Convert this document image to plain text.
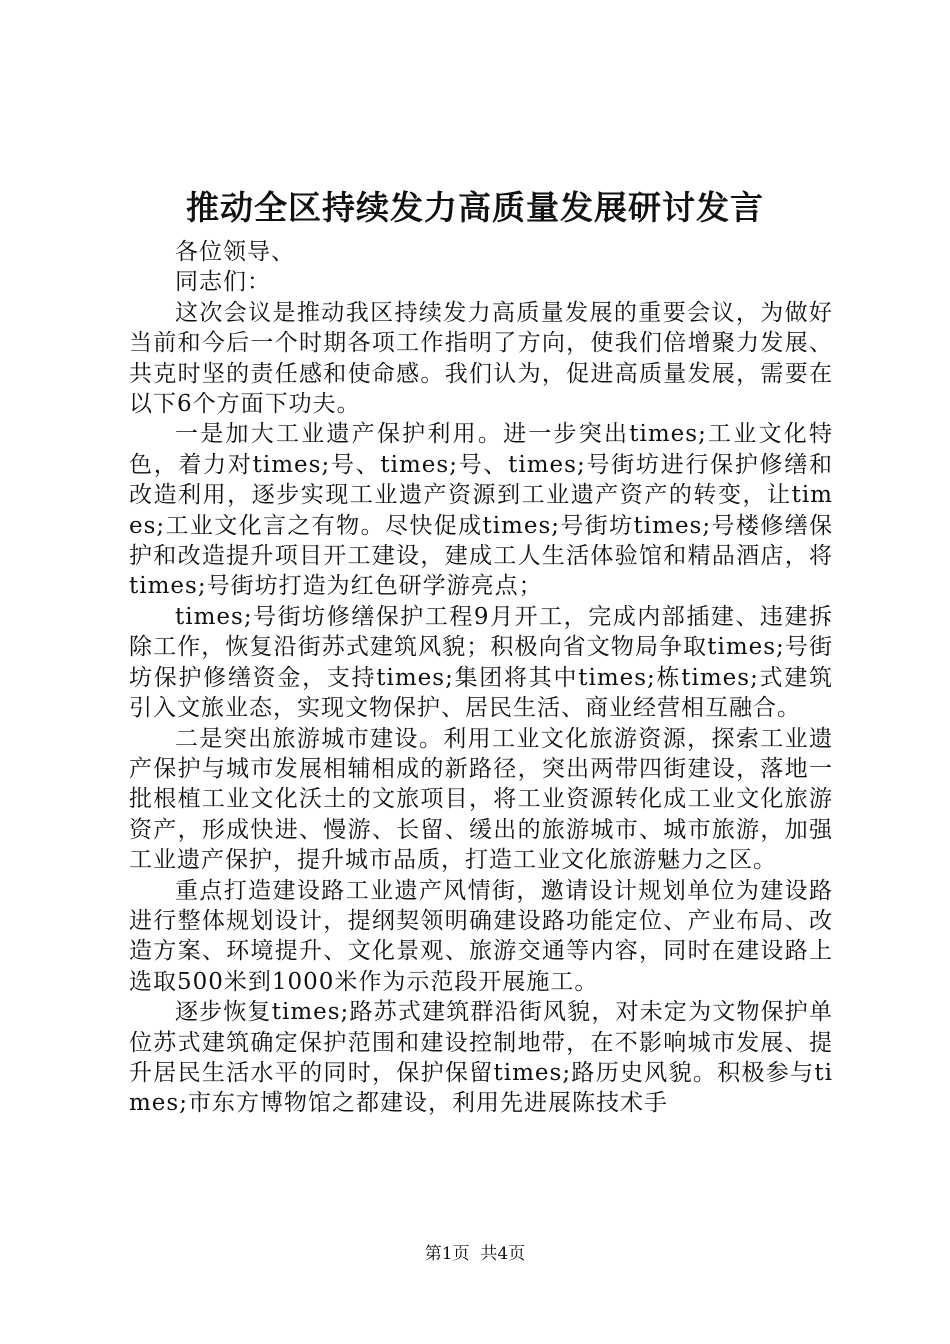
推动全区持续发力高质量发展研讨发言

各位领导、

同志们：

这次会议是推动我区持续发力高质量发展的重要会议，为做好当前和今后一个时期各项工作指明了方向，使我们倍增聚力发展、共克时坚的责任感和使命感。我们认为，促进高质量发展，需要在以下6个方面下功夫。

一是加大工业遗产保护利用。进一步突出times;工业文化特色，着力对times;号、times;号、times;号街坊进行保护修缮和改造利用，逐步实现工业遗产资源到工业遗产资产的转变，让times;工业文化言之有物。尽快促成times;号街坊times;号楼修缮保护和改造提升项目开工建设，建成工人生活体验馆和精品酒店，将times;号街坊打造为红色研学游亮点；

times;号街坊修缮保护工程9月开工，完成内部插建、违建拆除工作，恢复沿街苏式建筑风貌；积极向省文物局争取times;号街坊保护修缮资金，支持times;集团将其中times;栋times;式建筑引入文旅业态，实现文物保护、居民生活、商业经营相互融合。

二是突出旅游城市建设。利用工业文化旅游资源，探索工业遗产保护与城市发展相辅相成的新路径，突出两带四街建设，落地一批根植工业文化沃土的文旅项目，将工业资源转化成工业文化旅游资产，形成快进、慢游、长留、缓出的旅游城市、城市旅游，加强工业遗产保护，提升城市品质，打造工业文化旅游魅力之区。

重点打造建设路工业遗产风情街，邀请设计规划单位为建设路进行整体规划设计，提纲契领明确建设路功能定位、产业布局、改造方案、环境提升、文化景观、旅游交通等内容，同时在建设路上选取500米到1000米作为示范段开展施工。

逐步恢复times;路苏式建筑群沿街风貌，对未定为文物保护单位苏式建筑确定保护范围和建设控制地带，在不影响城市发展、提升居民生活水平的同时，保护保留times;路历史风貌。积极参与times;市东方博物馆之都建设，利用先进展陈技术手

第1页 共4页
